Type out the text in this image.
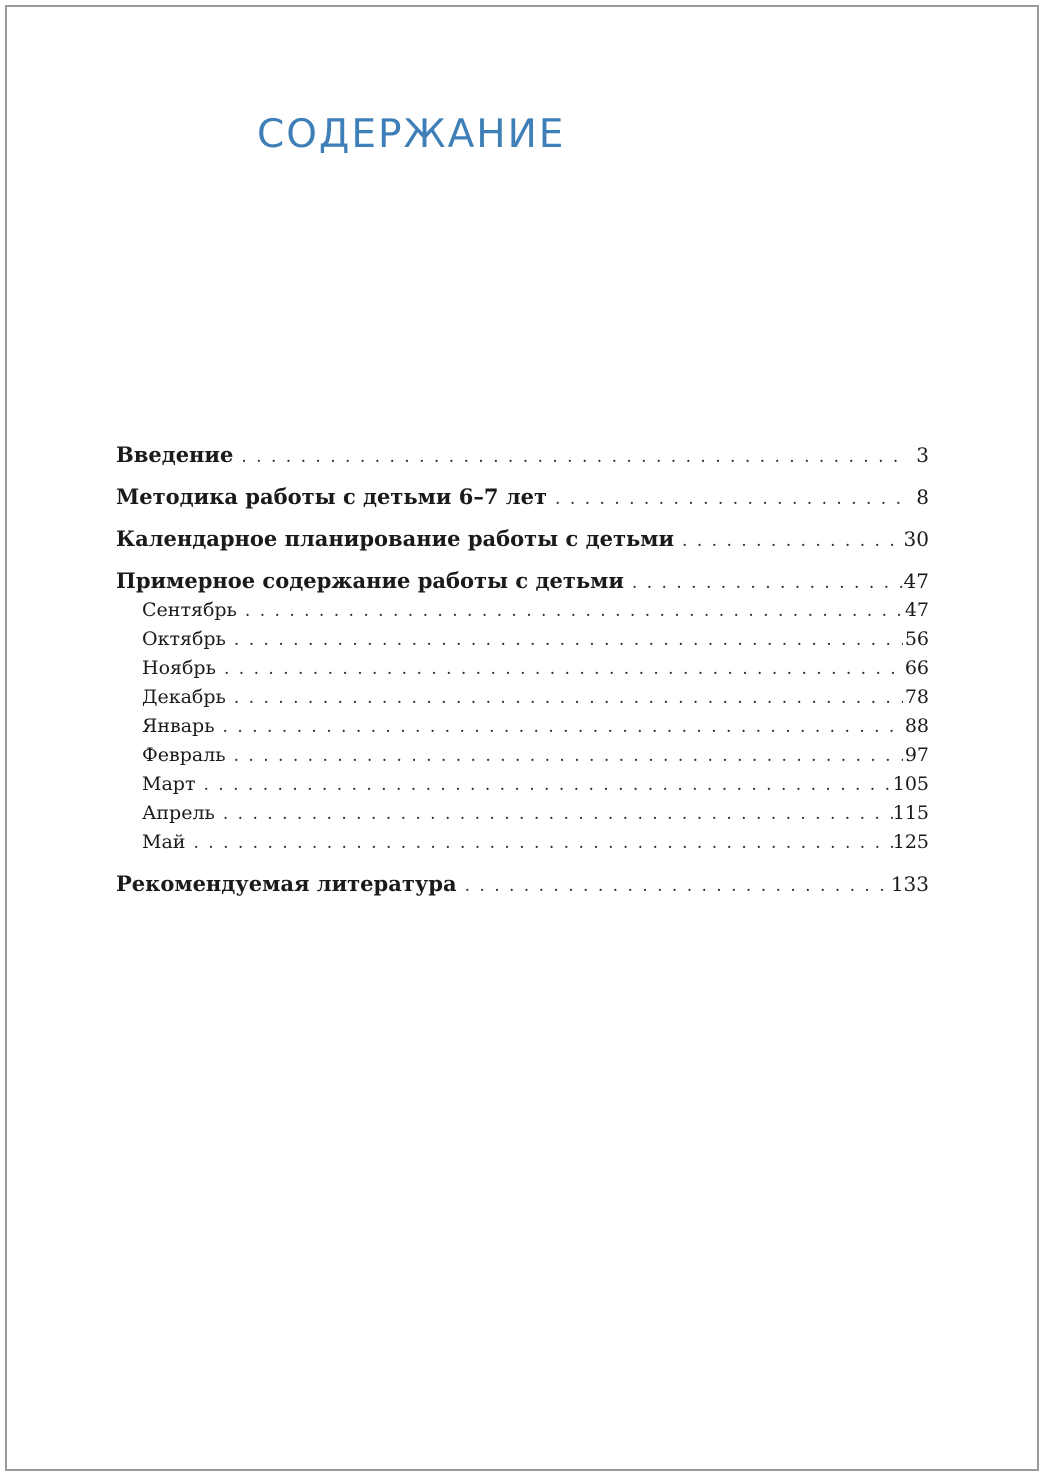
СОДЕРЖАНИЕ
Введение . . .	3
Методика работы с детьми 6–7 лет . . .	8
Календарное планирование работы с детьми . . .	30
Примерное содержание работы с детьми . . .	47
Сентябрь . . .	47
Октябрь . . .	56
Ноябрь . . .	66
Декабрь . . .	78
Январь . . .	88
Февраль . . .	97
Март . . .	105
Апрель . . .	115
Май . . .	125
Рекомендуемая литература . . .	133
